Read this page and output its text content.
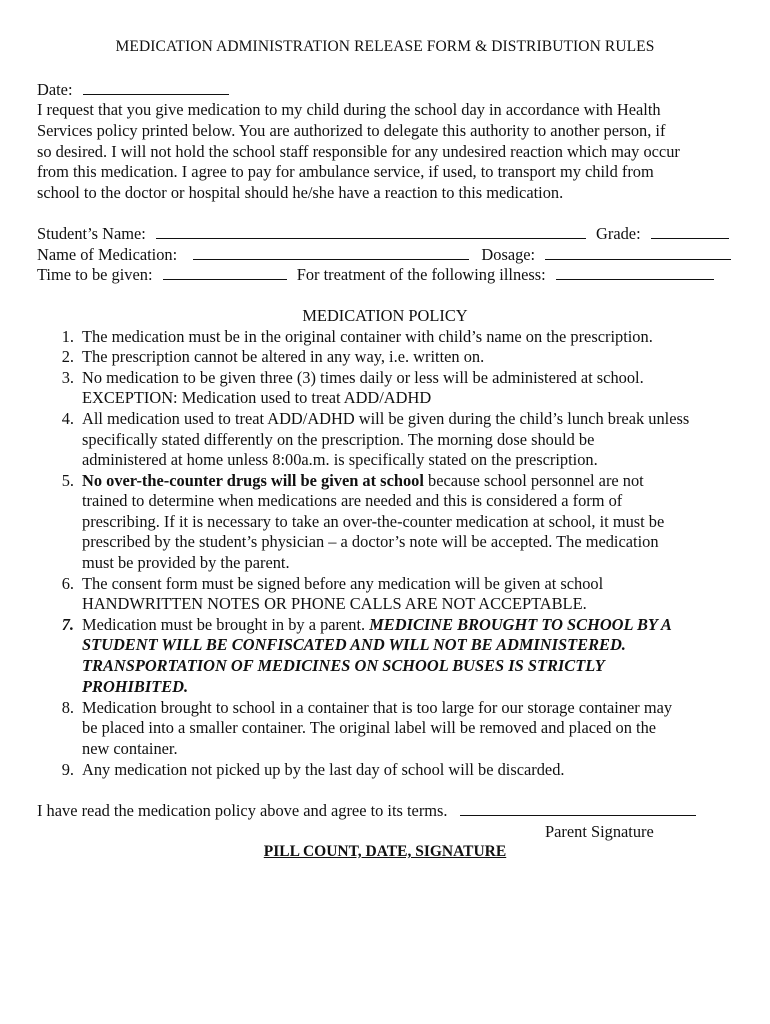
MEDICATION ADMINISTRATION RELEASE FORM & DISTRIBUTION RULES
Date:
I request that you give medication to my child during the school day in accordance with Health
Services policy printed below. You are authorized to delegate this authority to another person, if
so desired. I will not hold the school staff responsible for any undesired reaction which may occur
from this medication. I agree to pay for ambulance service, if used, to transport my child from
school to the doctor or hospital should he/she have a reaction to this medication.
Student’s Name:	Grade:
Name of Medication:	Dosage:
Time to be given:	For treatment of the following illness:
MEDICATION POLICY
1. The medication must be in the original container with child’s name on the prescription.
2. The prescription cannot be altered in any way, i.e. written on.
3. No medication to be given three (3) times daily or less will be administered at school.
EXCEPTION: Medication used to treat ADD/ADHD
4. All medication used to treat ADD/ADHD will be given during the child’s lunch break unless
specifically stated differently on the prescription. The morning dose should be
administered at home unless 8:00a.m. is specifically stated on the prescription.
5. No over-the-counter drugs will be given at school because school personnel are not
trained to determine when medications are needed and this is considered a form of
prescribing. If it is necessary to take an over-the-counter medication at school, it must be
prescribed by the student’s physician – a doctor’s note will be accepted. The medication
must be provided by the parent.
6. The consent form must be signed before any medication will be given at school
HANDWRITTEN NOTES OR PHONE CALLS ARE NOT ACCEPTABLE.
7. Medication must be brought in by a parent. MEDICINE BROUGHT TO SCHOOL BY A
STUDENT WILL BE CONFISCATED AND WILL NOT BE ADMINISTERED.
TRANSPORTATION OF MEDICINES ON SCHOOL BUSES IS STRICTLY
PROHIBITED.
8. Medication brought to school in a container that is too large for our storage container may
be placed into a smaller container. The original label will be removed and placed on the
new container.
9. Any medication not picked up by the last day of school will be discarded.
I have read the medication policy above and agree to its terms.
Parent Signature
PILL COUNT, DATE, SIGNATURE
